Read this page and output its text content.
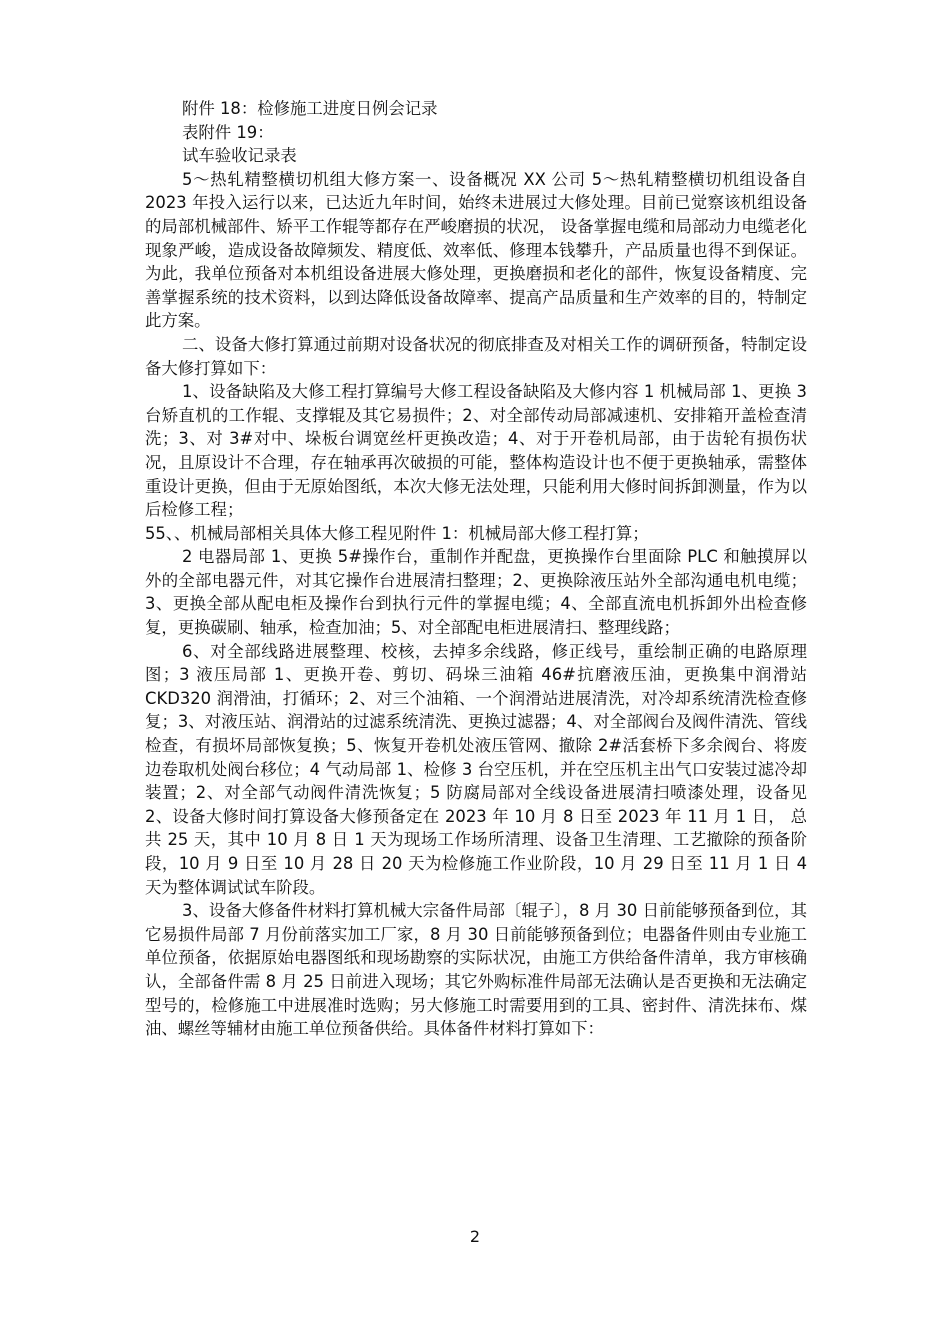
附件 18：检修施工进度日例会记录

表附件 19：

试车验收记录表

5～热轧精整横切机组大修方案一、设备概况 XX 公司 5～热轧精整横切机组设备自 2023 年投入运行以来，已达近九年时间，始终未进展过大修处理。目前已觉察该机组设备的局部机械部件、矫平工作辊等都存在严峻磨损的状况， 设备掌握电缆和局部动力电缆老化现象严峻，造成设备故障频发、精度低、效率低、修理本钱攀升，产品质量也得不到保证。为此，我单位预备对本机组设备进展大修处理，更换磨损和老化的部件，恢复设备精度、完善掌握系统的技术资料，以到达降低设备故障率、提高产品质量和生产效率的目的，特制定此方案。

二、设备大修打算通过前期对设备状况的彻底排查及对相关工作的调研预备，特制定设备大修打算如下：

1、设备缺陷及大修工程打算编号大修工程设备缺陷及大修内容 1 机械局部 1、更换 3 台矫直机的工作辊、支撑辊及其它易损件；2、对全部传动局部减速机、安排箱开盖检查清洗；3、对 3#对中、垛板台调宽丝杆更换改造；4、对于开卷机局部，由于齿轮有损伤状况，且原设计不合理，存在轴承再次破损的可能，整体构造设计也不便于更换轴承，需整体重设计更换，但由于无原始图纸，本次大修无法处理，只能利用大修时间拆卸测量，作为以后检修工程；

55、、机械局部相关具体大修工程见附件 1：机械局部大修工程打算；

2 电器局部 1、更换 5#操作台，重制作并配盘，更换操作台里面除 PLC 和触摸屏以外的全部电器元件，对其它操作台进展清扫整理；2、更换除液压站外全部沟通电机电缆；3、更换全部从配电柜及操作台到执行元件的掌握电缆；4、全部直流电机拆卸外出检查修复，更换碳刷、轴承，检查加油；5、对全部配电柜进展清扫、整理线路；

6、对全部线路进展整理、校核，去掉多余线路，修正线号，重绘制正确的电路原理图；3 液压局部 1、更换开卷、剪切、码垛三油箱 46#抗磨液压油，更换集中润滑站 CKD320 润滑油，打循环；2、对三个油箱、一个润滑站进展清洗，对冷却系统清洗检查修复；3、对液压站、润滑站的过滤系统清洗、更换过滤器；4、对全部阀台及阀件清洗、管线检查，有损坏局部恢复换；5、恢复开卷机处液压管网、撤除 2#活套桥下多余阀台、将废边卷取机处阀台移位；4 气动局部 1、检修 3 台空压机，并在空压机主出气口安装过滤冷却装置；2、对全部气动阀件清洗恢复；5 防腐局部对全线设备进展清扫喷漆处理，设备见 2、设备大修时间打算设备大修预备定在 2023 年 10 月 8 日至 2023 年 11 月 1 日， 总共 25 天，其中 10 月 8 日 1 天为现场工作场所清理、设备卫生清理、工艺撤除的预备阶段，10 月 9 日至 10 月 28 日 20 天为检修施工作业阶段，10 月 29 日至 11 月 1 日 4 天为整体调试试车阶段。

3、设备大修备件材料打算机械大宗备件局部〔辊子〕，8 月 30 日前能够预备到位，其它易损件局部 7 月份前落实加工厂家，8 月 30 日前能够预备到位；电器备件则由专业施工单位预备，依据原始电器图纸和现场勘察的实际状况，由施工方供给备件清单，我方审核确认，全部备件需 8 月 25 日前进入现场；其它外购标准件局部无法确认是否更换和无法确定型号的，检修施工中进展准时选购；另大修施工时需要用到的工具、密封件、清洗抹布、煤油、螺丝等辅材由施工单位预备供给。具体备件材料打算如下：

2
